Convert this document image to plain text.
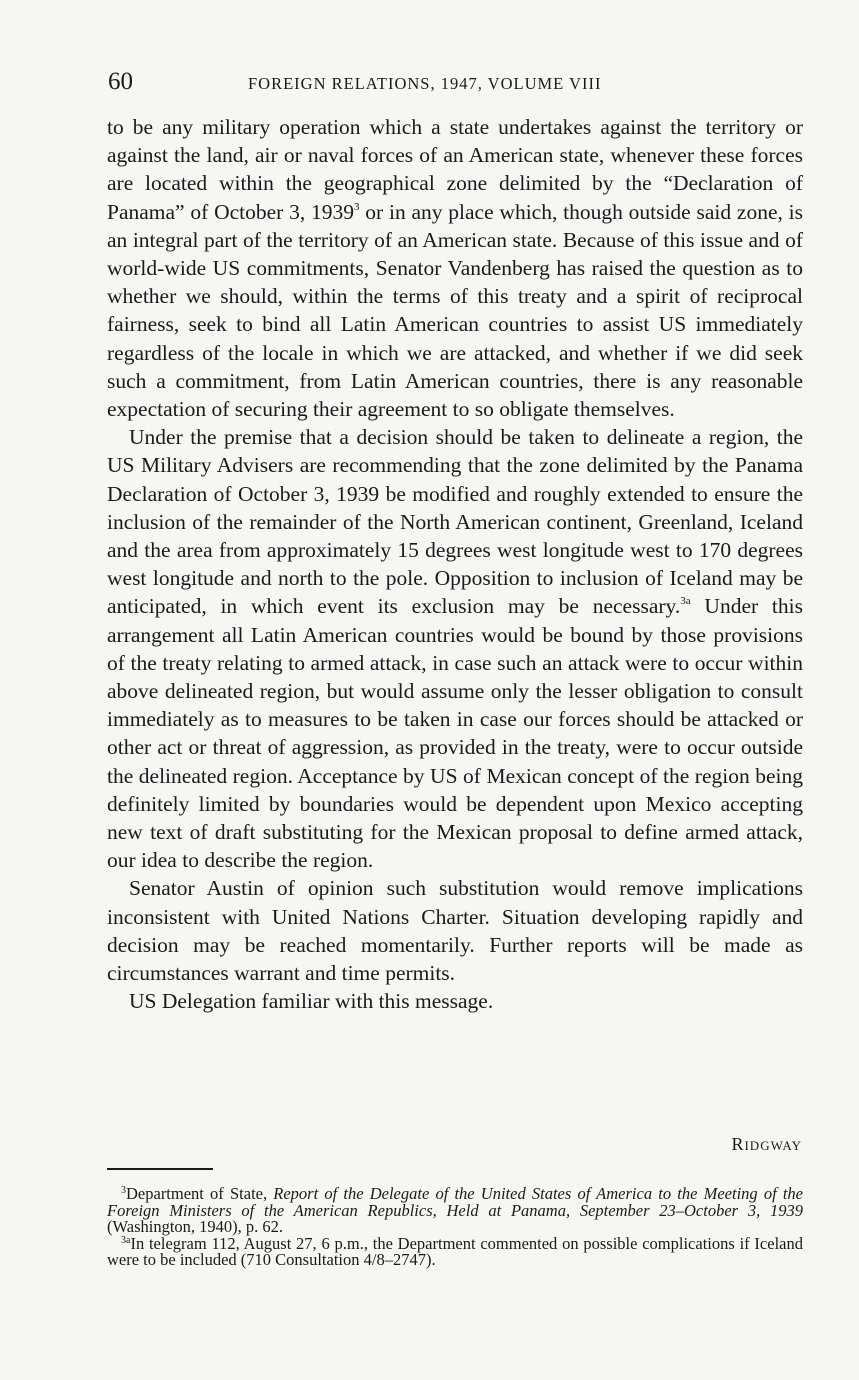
60	FOREIGN RELATIONS, 1947, VOLUME VIII

to be any military operation which a state undertakes against the territory or against the land, air or naval forces of an American state, whenever these forces are located within the geographical zone delimited by the “Declaration of Panama” of October 3, 1939$^3$ or in any place which, though outside said zone, is an integral part of the territory of an American state. Because of this issue and of world-wide US commitments, Senator Vandenberg has raised the question as to whether we should, within the terms of this treaty and a spirit of reciprocal fairness, seek to bind all Latin American countries to assist US immediately regardless of the locale in which we are attacked, and whether if we did seek such a commitment, from Latin American countries, there is any reasonable expectation of securing their agreement to so obligate themselves.

Under the premise that a decision should be taken to delineate a region, the US Military Advisers are recommending that the zone delimited by the Panama Declaration of October 3, 1939 be modified and roughly extended to ensure the inclusion of the remainder of the North American continent, Greenland, Iceland and the area from approximately 15 degrees west longitude west to 170 degrees west longitude and north to the pole. Opposition to inclusion of Iceland may be anticipated, in which event its exclusion may be necessary.$^{3a}$ Under this arrangement all Latin American countries would be bound by those provisions of the treaty relating to armed attack, in case such an attack were to occur within above delineated region, but would assume only the lesser obligation to consult immediately as to measures to be taken in case our forces should be attacked or other act or threat of aggression, as provided in the treaty, were to occur outside the delineated region. Acceptance by US of Mexican concept of the region being definitely limited by boundaries would be dependent upon Mexico accepting new text of draft substituting for the Mexican proposal to define armed attack, our idea to describe the region.

Senator Austin of opinion such substitution would remove implications inconsistent with United Nations Charter. Situation developing rapidly and decision may be reached momentarily. Further reports will be made as circumstances warrant and time permits.

US Delegation familiar with this message.

Ridgway

$^3$Department of State, Report of the Delegate of the United States of America to the Meeting of the Foreign Ministers of the American Republics, Held at Panama, September 23–October 3, 1939 (Washington, 1940), p. 62.

$^{3a}$In telegram 112, August 27, 6 p.m., the Department commented on possible complications if Iceland were to be included (710 Consultation 4/8–2747).
